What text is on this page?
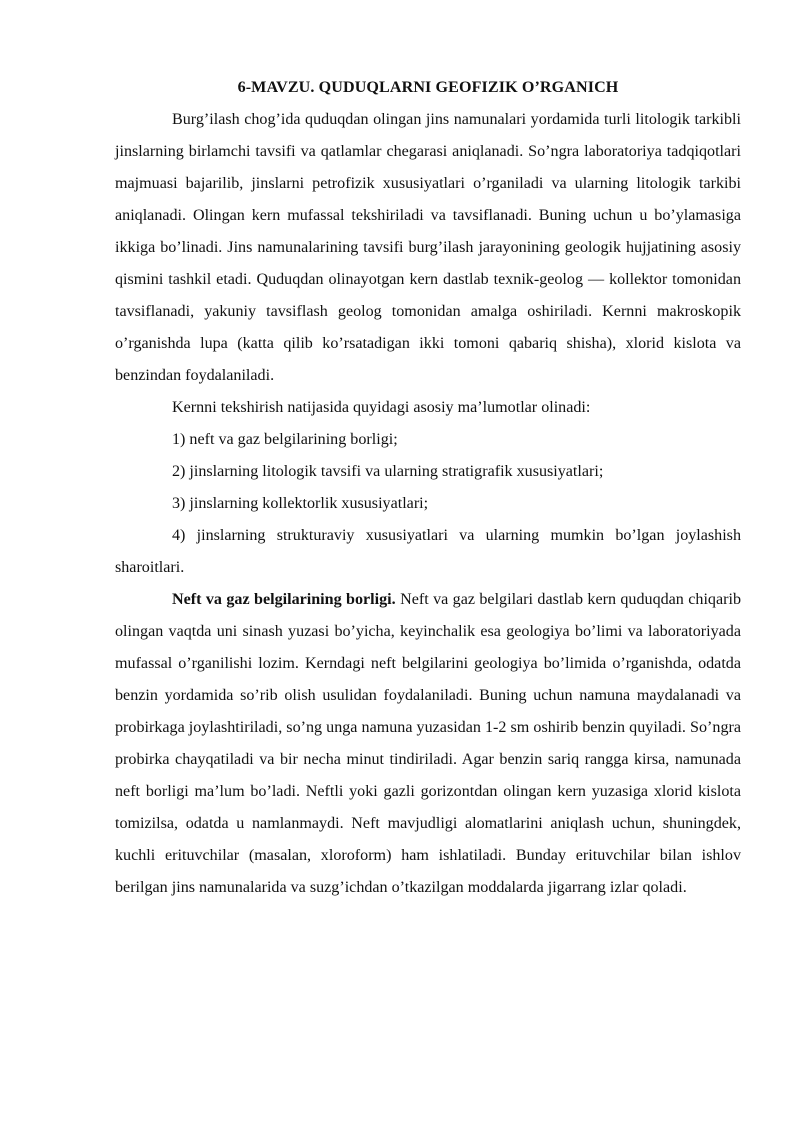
6-MAVZU. QUDUQLARNI GEOFIZIK O’RGANICH

Burg’ilash chog’ida quduqdan olingan jins namunalari yordamida turli litologik tarkibli jinslarning birlamchi tavsifi va qatlamlar chegarasi aniqlanadi. So’ngra laboratoriya tadqiqotlari majmuasi bajarilib, jinslarni petrofizik xususiyatlari o’rganiladi va ularning litologik tarkibi aniqlanadi. Olingan kern mufassal tekshiriladi va tavsiflanadi. Buning uchun u bo’ylamasiga ikkiga bo’linadi. Jins namunalarining tavsifi burg’ilash jarayonining geologik hujjatining asosiy qismini tashkil etadi. Quduqdan olinayotgan kern dastlab texnik-geolog — kollektor tomonidan tavsiflanadi, yakuniy tavsiflash geolog tomonidan amalga oshiriladi. Kernni makroskopik o’rganishda lupa (katta qilib ko’rsatadigan ikki tomoni qabariq shisha), xlorid kislota va benzindan foydalaniladi.

Kernni tekshirish natijasida quyidagi asosiy ma’lumotlar olinadi:

1) neft va gaz belgilarining borligi;

2) jinslarning litologik tavsifi va ularning stratigrafik xususiyatlari;

3) jinslarning kollektorlik xususiyatlari;

4) jinslarning strukturaviy xususiyatlari va ularning mumkin bo’lgan joylashish sharoitlari.

Neft va gaz belgilarining borligi. Neft va gaz belgilari dastlab kern quduqdan chiqarib olingan vaqtda uni sinash yuzasi bo’yicha, keyinchalik esa geologiya bo’limi va laboratoriyada mufassal o’rganilishi lozim. Kerndagi neft belgilarini geologiya bo’limida o’rganishda, odatda benzin yordamida so’rib olish usulidan foydalaniladi. Buning uchun namuna maydalanadi va probirkaga joylashtiriladi, so’ng unga namuna yuzasidan 1-2 sm oshirib benzin quyiladi. So’ngra probirka chayqatiladi va bir necha minut tindiriladi. Agar benzin sariq rangga kirsa, namunada neft borligi ma’lum bo’ladi. Neftli yoki gazli gorizontdan olingan kern yuzasiga xlorid kislota tomizilsa, odatda u namlanmaydi. Neft mavjudligi alomatlarini aniqlash uchun, shuningdek, kuchli erituvchilar (masalan, xloroform) ham ishlatiladi. Bunday erituvchilar bilan ishlov berilgan jins namunalarida va suzg’ichdan o’tkazilgan moddalarda jigarrang izlar qoladi.
